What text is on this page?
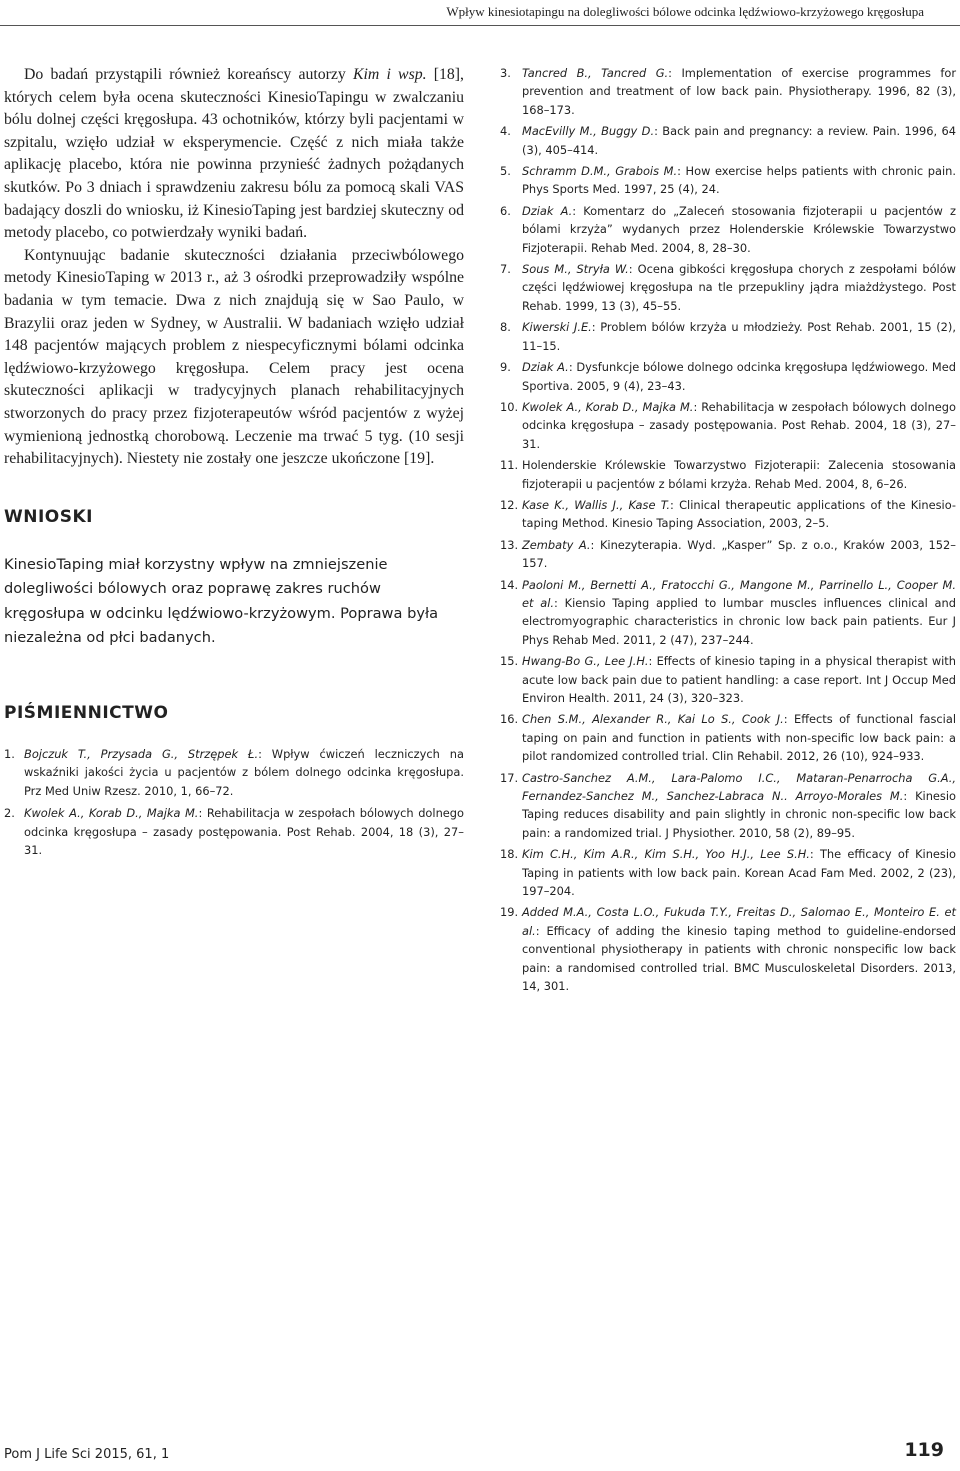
Wpływ kinesiotapingu na dolegliwości bólowe odcinka lędźwiowo-krzyżowego kręgosłupa

Do badań przystąpili również koreańscy autorzy Kim i wsp. [18], których celem była ocena skuteczności KinesioTapingu w zwalczaniu bólu dolnej części kręgosłupa. 43 ochotników, którzy byli pacjentami w szpitalu, wzięło udział w eksperymencie. Część z nich miała także aplikację placebo, która nie powinna przynieść żadnych pożądanych skutków. Po 3 dniach i sprawdzeniu zakresu bólu za pomocą skali VAS badający doszli do wniosku, iż KinesioTaping jest bardziej skuteczny od metody placebo, co potwierdzały wyniki badań.

Kontynuując badanie skuteczności działania przeciwbólowego metody KinesioTaping w 2013 r., aż 3 ośrodki przeprowadziły wspólne badania w tym temacie. Dwa z nich znajdują się w Sao Paulo, w Brazylii oraz jeden w Sydney, w Australii. W badaniach wzięło udział 148 pacjentów mających problem z niespecyficznymi bólami odcinka lędźwiowo-krzyżowego kręgosłupa. Celem pracy jest ocena skuteczności aplikacji w tradycyjnych planach rehabilitacyjnych stworzonych do pracy przez fizjoterapeutów wśród pacjentów z wyżej wymienioną jednostką chorobową. Leczenie ma trwać 5 tyg. (10 sesji rehabilitacyjnych). Niestety nie zostały one jeszcze ukończone [19].

WNIOSKI

KinesioTaping miał korzystny wpływ na zmniejszenie dolegliwości bólowych oraz poprawę zakres ruchów kręgosłupa w odcinku lędźwiowo-krzyżowym. Poprawa była niezależna od płci badanych.

PIŚMIENNICTWO
1. Bojczuk T., Przysada G., Strzępek Ł.: Wpływ ćwiczeń leczniczych na wskaźniki jakości życia u pacjentów z bólem dolnego odcinka kręgosłupa. Prz Med Uniw Rzesz. 2010, 1, 66–72.
2. Kwolek A., Korab D., Majka M.: Rehabilitacja w zespołach bólowych dolnego odcinka kręgosłupa – zasady postępowania. Post Rehab. 2004, 18 (3), 27–31.
3. Tancred B., Tancred G.: Implementation of exercise programmes for prevention and treatment of low back pain. Physiotherapy. 1996, 82 (3), 168–173.
4. MacEvilly M., Buggy D.: Back pain and pregnancy: a review. Pain. 1996, 64 (3), 405–414.
5. Schramm D.M., Grabois M.: How exercise helps patients with chronic pain. Phys Sports Med. 1997, 25 (4), 24.
6. Dziak A.: Komentarz do „Zaleceń stosowania fizjoterapii u pacjentów z bólami krzyża” wydanych przez Holenderskie Królewskie Towarzystwo Fizjoterapii. Rehab Med. 2004, 8, 28–30.
7. Sous M., Stryła W.: Ocena gibkości kręgosłupa chorych z zespołami bólów części lędźwiowej kręgosłupa na tle przepukliny jądra miażdżystego. Post Rehab. 1999, 13 (3), 45–55.
8. Kiwerski J.E.: Problem bólów krzyża u młodzieży. Post Rehab. 2001, 15 (2), 11–15.
9. Dziak A.: Dysfunkcje bólowe dolnego odcinka kręgosłupa lędźwiowego. Med Sportiva. 2005, 9 (4), 23–43.
10. Kwolek A., Korab D., Majka M.: Rehabilitacja w zespołach bólowych dolnego odcinka kręgosłupa – zasady postępowania. Post Rehab. 2004, 18 (3), 27–31.
11. Holenderskie Królewskie Towarzystwo Fizjoterapii: Zalecenia stosowania fizjoterapii u pacjentów z bólami krzyża. Rehab Med. 2004, 8, 6–26.
12. Kase K., Wallis J., Kase T.: Clinical therapeutic applications of the Kinesio-taping Method. Kinesio Taping Association, 2003, 2–5.
13. Zembaty A.: Kinezyterapia. Wyd. „Kasper” Sp. z o.o., Kraków 2003, 152–157.
14. Paoloni M., Bernetti A., Fratocchi G., Mangone M., Parrinello L., Cooper M. et al.: Kiensio Taping applied to lumbar muscles influences clinical and electromyographic characteristics in chronic low back pain patients. Eur J Phys Rehab Med. 2011, 2 (47), 237–244.
15. Hwang-Bo G., Lee J.H.: Effects of kinesio taping in a physical therapist with acute low back pain due to patient handling: a case report. Int J Occup Med Environ Health. 2011, 24 (3), 320–323.
16. Chen S.M., Alexander R., Kai Lo S., Cook J.: Effects of functional fascial taping on pain and function in patients with non-specific low back pain: a pilot randomized controlled trial. Clin Rehabil. 2012, 26 (10), 924–933.
17. Castro-Sanchez A.M., Lara-Palomo I.C., Mataran-Penarrocha G.A., Fernandez-Sanchez M., Sanchez-Labraca N.. Arroyo-Morales M.: Kinesio Taping reduces disability and pain slightly in chronic non-specific low back pain: a randomized trial. J Physiother. 2010, 58 (2), 89–95.
18. Kim C.H., Kim A.R., Kim S.H., Yoo H.J., Lee S.H.: The efficacy of Kinesio Taping in patients with low back pain. Korean Acad Fam Med. 2002, 2 (23), 197–204.
19. Added M.A., Costa L.O., Fukuda T.Y., Freitas D., Salomao E., Monteiro E. et al.: Efficacy of adding the kinesio taping method to guideline-endorsed conventional physiotherapy in patients with chronic nonspecific low back pain: a randomised controlled trial. BMC Musculoskeletal Disorders. 2013, 14, 301.
Pom J Life Sci 2015, 61, 1	119
